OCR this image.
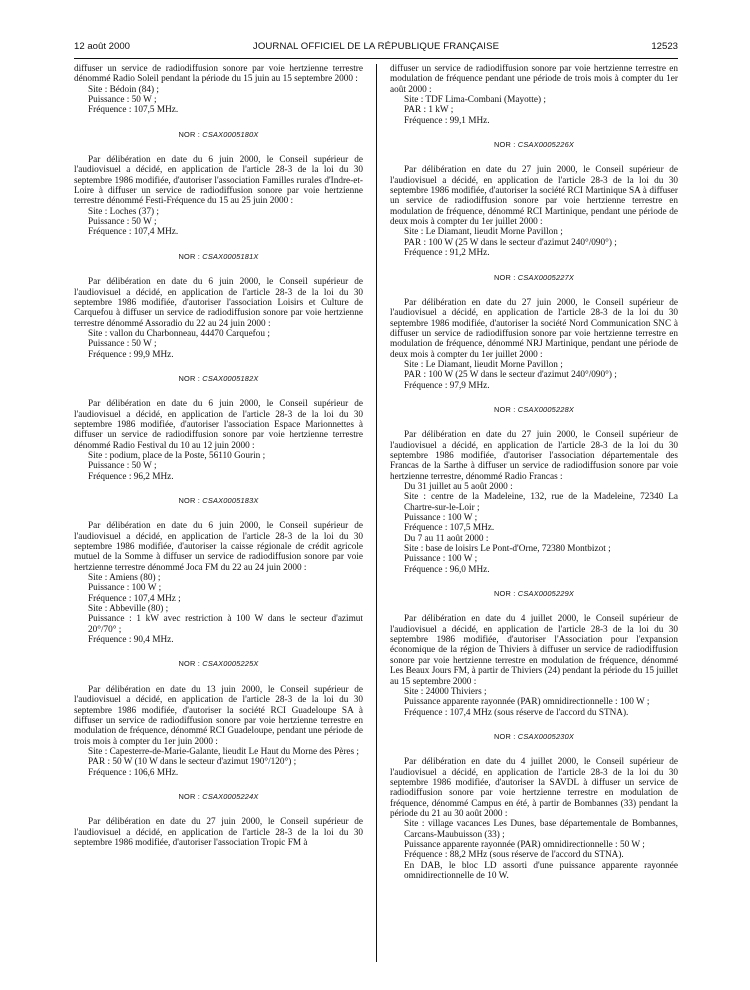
12 août 2000	JOURNAL OFFICIEL DE LA RÉPUBLIQUE FRANÇAISE	12523

diffuser un service de radiodiffusion sonore par voie hertzienne terrestre dénommé Radio Soleil pendant la période du 15 juin au 15 septembre 2000 :

Site : Bédoin (84) ;

Puissance : 50 W ;

Fréquence : 107,5 MHz.

NOR : CSAX0005180X

Par délibération en date du 6 juin 2000, le Conseil supérieur de l'audiovisuel a décidé, en application de l'article 28-3 de la loi du 30 septembre 1986 modifiée, d'autoriser l'association Familles rurales d'Indre-et-Loire à diffuser un service de radiodiffusion sonore par voie hertzienne terrestre dénommé Festi-Fréquence du 15 au 25 juin 2000 :

Site : Loches (37) ;

Puissance : 50 W ;

Fréquence : 107,4 MHz.

NOR : CSAX0005181X

Par délibération en date du 6 juin 2000, le Conseil supérieur de l'audiovisuel a décidé, en application de l'article 28-3 de la loi du 30 septembre 1986 modifiée, d'autoriser l'association Loisirs et Culture de Carquefou à diffuser un service de radiodiffusion sonore par voie hertzienne terrestre dénommé Assoradio du 22 au 24 juin 2000 :

Site : vallon du Charbonneau, 44470 Carquefou ;

Puissance : 50 W ;

Fréquence : 99,9 MHz.

NOR : CSAX0005182X

Par délibération en date du 6 juin 2000, le Conseil supérieur de l'audiovisuel a décidé, en application de l'article 28-3 de la loi du 30 septembre 1986 modifiée, d'autoriser l'association Espace Marionnettes à diffuser un service de radiodiffusion sonore par voie hertzienne terrestre dénommé Radio Festival du 10 au 12 juin 2000 :

Site : podium, place de la Poste, 56110 Gourin ;

Puissance : 50 W ;

Fréquence : 96,2 MHz.

NOR : CSAX0005183X

Par délibération en date du 6 juin 2000, le Conseil supérieur de l'audiovisuel a décidé, en application de l'article 28-3 de la loi du 30 septembre 1986 modifiée, d'autoriser la caisse régionale de crédit agricole mutuel de la Somme à diffuser un service de radiodiffusion sonore par voie hertzienne terrestre dénommé Joca FM du 22 au 24 juin 2000 :

Site : Amiens (80) ;

Puissance : 100 W ;

Fréquence : 107,4 MHz ;

Site : Abbeville (80) ;

Puissance : 1 kW avec restriction à 100 W dans le secteur d'azimut 20°/70° ;

Fréquence : 90,4 MHz.

NOR : CSAX0005225X

Par délibération en date du 13 juin 2000, le Conseil supérieur de l'audiovisuel a décidé, en application de l'article 28-3 de la loi du 30 septembre 1986 modifiée, d'autoriser la société RCI Guadeloupe SA à diffuser un service de radiodiffusion sonore par voie hertzienne terrestre en modulation de fréquence, dénommé RCI Guadeloupe, pendant une période de trois mois à compter du 1er juin 2000 :

Site : Capesterre-de-Marie-Galante, lieudit Le Haut du Morne des Pères ;

PAR : 50 W (10 W dans le secteur d'azimut 190°/120°) ;

Fréquence : 106,6 MHz.

NOR : CSAX0005224X

Par délibération en date du 27 juin 2000, le Conseil supérieur de l'audiovisuel a décidé, en application de l'article 28-3 de la loi du 30 septembre 1986 modifiée, d'autoriser l'association Tropic FM à

diffuser un service de radiodiffusion sonore par voie hertzienne terrestre en modulation de fréquence pendant une période de trois mois à compter du 1er août 2000 :

Site : TDF Lima-Combani (Mayotte) ;

PAR : 1 kW ;

Fréquence : 99,1 MHz.

NOR : CSAX0005226X

Par délibération en date du 27 juin 2000, le Conseil supérieur de l'audiovisuel a décidé, en application de l'article 28-3 de la loi du 30 septembre 1986 modifiée, d'autoriser la société RCI Martinique SA à diffuser un service de radiodiffusion sonore par voie hertzienne terrestre en modulation de fréquence, dénommé RCI Martinique, pendant une période de deux mois à compter du 1er juillet 2000 :

Site : Le Diamant, lieudit Morne Pavillon ;

PAR : 100 W (25 W dans le secteur d'azimut 240°/090°) ;

Fréquence : 91,2 MHz.

NOR : CSAX0005227X

Par délibération en date du 27 juin 2000, le Conseil supérieur de l'audiovisuel a décidé, en application de l'article 28-3 de la loi du 30 septembre 1986 modifiée, d'autoriser la société Nord Communication SNC à diffuser un service de radiodiffusion sonore par voie hertzienne terrestre en modulation de fréquence, dénommé NRJ Martinique, pendant une période de deux mois à compter du 1er juillet 2000 :

Site : Le Diamant, lieudit Morne Pavillon ;

PAR : 100 W (25 W dans le secteur d'azimut 240°/090°) ;

Fréquence : 97,9 MHz.

NOR : CSAX0005228X

Par délibération en date du 27 juin 2000, le Conseil supérieur de l'audiovisuel a décidé, en application de l'article 28-3 de la loi du 30 septembre 1986 modifiée, d'autoriser l'association départementale des Francas de la Sarthe à diffuser un service de radiodiffusion sonore par voie hertzienne terrestre, dénommé Radio Francas :

Du 31 juillet au 5 août 2000 :

Site : centre de la Madeleine, 132, rue de la Madeleine, 72340 La Chartre-sur-le-Loir ;

Puissance : 100 W ;

Fréquence : 107,5 MHz.

Du 7 au 11 août 2000 :

Site : base de loisirs Le Pont-d'Orne, 72380 Montbizot ;

Puissance : 100 W ;

Fréquence : 96,0 MHz.

NOR : CSAX0005229X

Par délibération en date du 4 juillet 2000, le Conseil supérieur de l'audiovisuel a décidé, en application de l'article 28-3 de la loi du 30 septembre 1986 modifiée, d'autoriser l'Association pour l'expansion économique de la région de Thiviers à diffuser un service de radiodiffusion sonore par voie hertzienne terrestre en modulation de fréquence, dénommé Les Beaux Jours FM, à partir de Thiviers (24) pendant la période du 15 juillet au 15 septembre 2000 :

Site : 24000 Thiviers ;

Puissance apparente rayonnée (PAR) omnidirectionnelle : 100 W ;

Fréquence : 107,4 MHz (sous réserve de l'accord du STNA).

NOR : CSAX0005230X

Par délibération en date du 4 juillet 2000, le Conseil supérieur de l'audiovisuel a décidé, en application de l'article 28-3 de la loi du 30 septembre 1986 modifiée, d'autoriser la SAVDL à diffuser un service de radiodiffusion sonore par voie hertzienne terrestre en modulation de fréquence, dénommé Campus en été, à partir de Bombannes (33) pendant la période du 21 au 30 août 2000 :

Site : village vacances Les Dunes, base départementale de Bombannes, Carcans-Maubuisson (33) ;

Puissance apparente rayonnée (PAR) omnidirectionnelle : 50 W ;

Fréquence : 88,2 MHz (sous réserve de l'accord du STNA).

En DAB, le bloc LD assorti d'une puissance apparente rayonnée omnidirectionnelle de 10 W.
